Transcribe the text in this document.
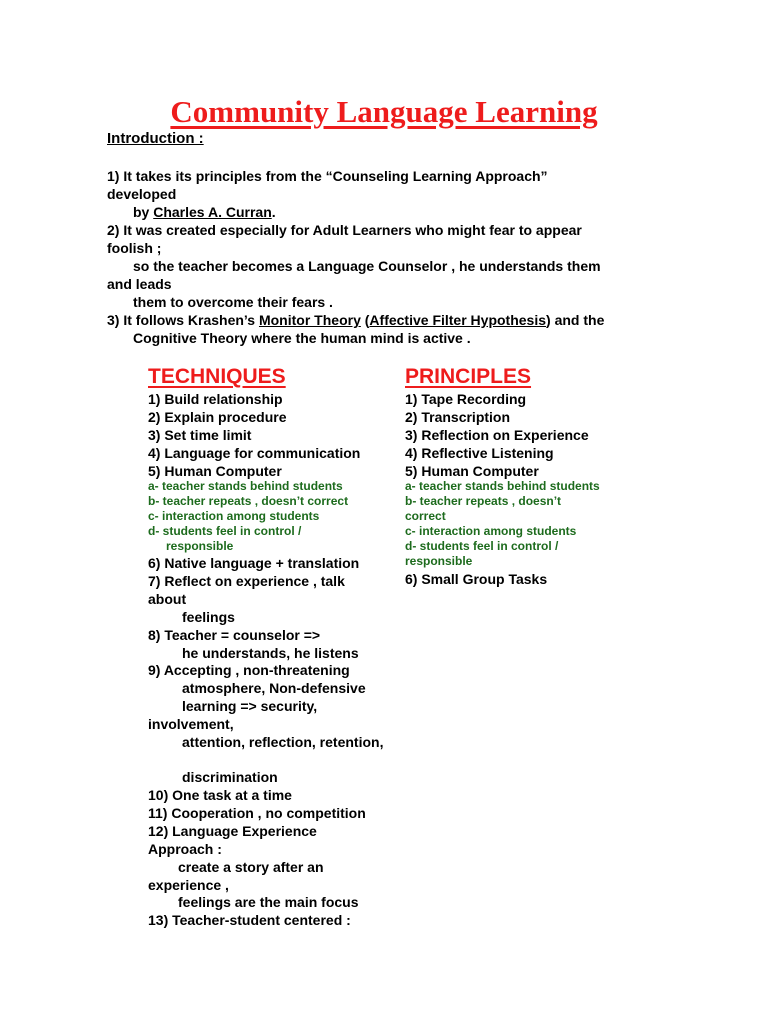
Community Language Learning
Introduction :
1) It takes its principles from the “Counseling Learning Approach”
developed
by Charles A. Curran.
2) It was created especially for Adult Learners who might fear to appear
foolish ;
so the teacher becomes a Language Counselor , he understands them
and leads
them to overcome their fears .
3) It follows Krashen’s Monitor Theory (Affective Filter Hypothesis) and the
Cognitive Theory where the human mind is active .
TECHNIQUES
1) Build relationship
2) Explain procedure
3) Set time limit
4) Language for communication
5) Human Computer
a- teacher stands behind students
b- teacher repeats , doesn’t correct
c- interaction among students
d- students feel in control /
responsible
6) Native language + translation
7) Reflect on experience , talk
about
feelings
8) Teacher = counselor =>
he understands, he listens
9) Accepting , non-threatening
atmosphere, Non-defensive
learning => security,
involvement,
attention, reflection, retention,
discrimination
10) One task at a time
11) Cooperation , no competition
12) Language Experience
Approach :
create a story after an
experience ,
feelings are the main focus
13) Teacher-student centered :
PRINCIPLES
1) Tape Recording
2) Transcription
3) Reflection on Experience
4) Reflective Listening
5) Human Computer
a- teacher stands behind students
b- teacher repeats , doesn’t
correct
c- interaction among students
d- students feel in control /
responsible
6) Small Group Tasks
